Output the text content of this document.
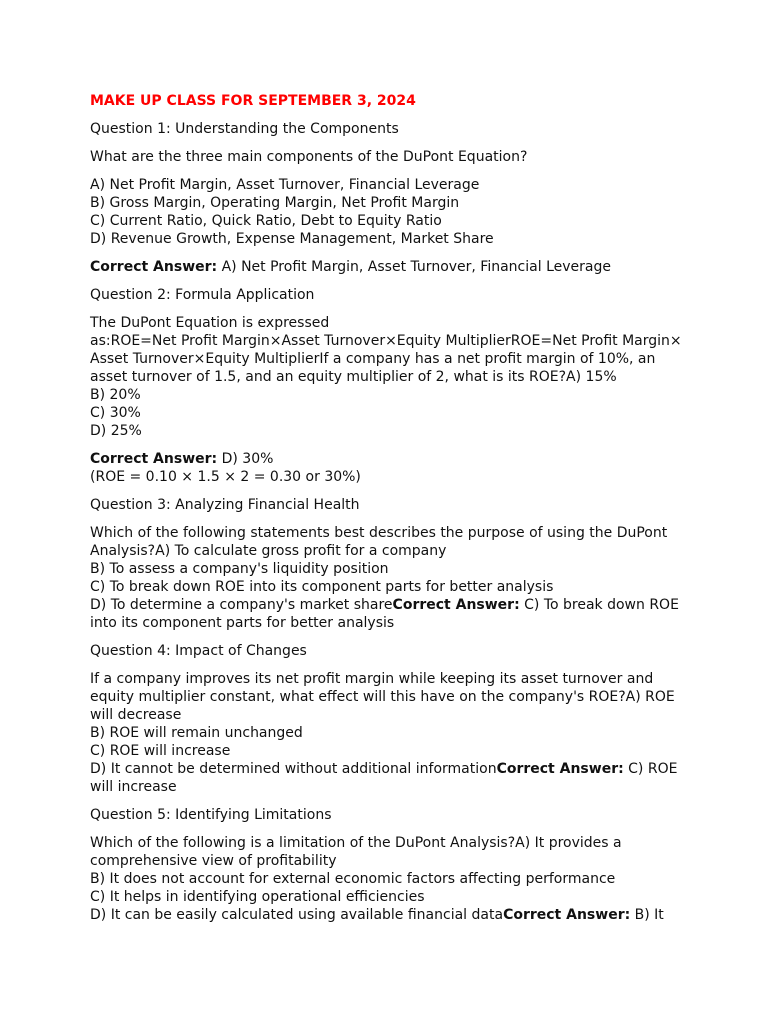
MAKE UP CLASS FOR SEPTEMBER 3, 2024
Question 1: Understanding the Components
What are the three main components of the DuPont Equation?
A) Net Profit Margin, Asset Turnover, Financial Leverage
B) Gross Margin, Operating Margin, Net Profit Margin
C) Current Ratio, Quick Ratio, Debt to Equity Ratio
D) Revenue Growth, Expense Management, Market Share
Correct Answer: A) Net Profit Margin, Asset Turnover, Financial Leverage
Question 2: Formula Application
The DuPont Equation is expressed
as:ROE=Net Profit Margin×Asset Turnover×Equity MultiplierROE=Net Profit Margin×
Asset Turnover×Equity MultiplierIf a company has a net profit margin of 10%, an
asset turnover of 1.5, and an equity multiplier of 2, what is its ROE?A) 15%
B) 20%
C) 30%
D) 25%
Correct Answer: D) 30%
(ROE = 0.10 × 1.5 × 2 = 0.30 or 30%)
Question 3: Analyzing Financial Health
Which of the following statements best describes the purpose of using the DuPont
Analysis?A) To calculate gross profit for a company
B) To assess a company's liquidity position
C) To break down ROE into its component parts for better analysis
D) To determine a company's market shareCorrect Answer: C) To break down ROE
into its component parts for better analysis
Question 4: Impact of Changes
If a company improves its net profit margin while keeping its asset turnover and
equity multiplier constant, what effect will this have on the company's ROE?A) ROE
will decrease
B) ROE will remain unchanged
C) ROE will increase
D) It cannot be determined without additional informationCorrect Answer: C) ROE
will increase
Question 5: Identifying Limitations
Which of the following is a limitation of the DuPont Analysis?A) It provides a
comprehensive view of profitability
B) It does not account for external economic factors affecting performance
C) It helps in identifying operational efficiencies
D) It can be easily calculated using available financial dataCorrect Answer: B) It
